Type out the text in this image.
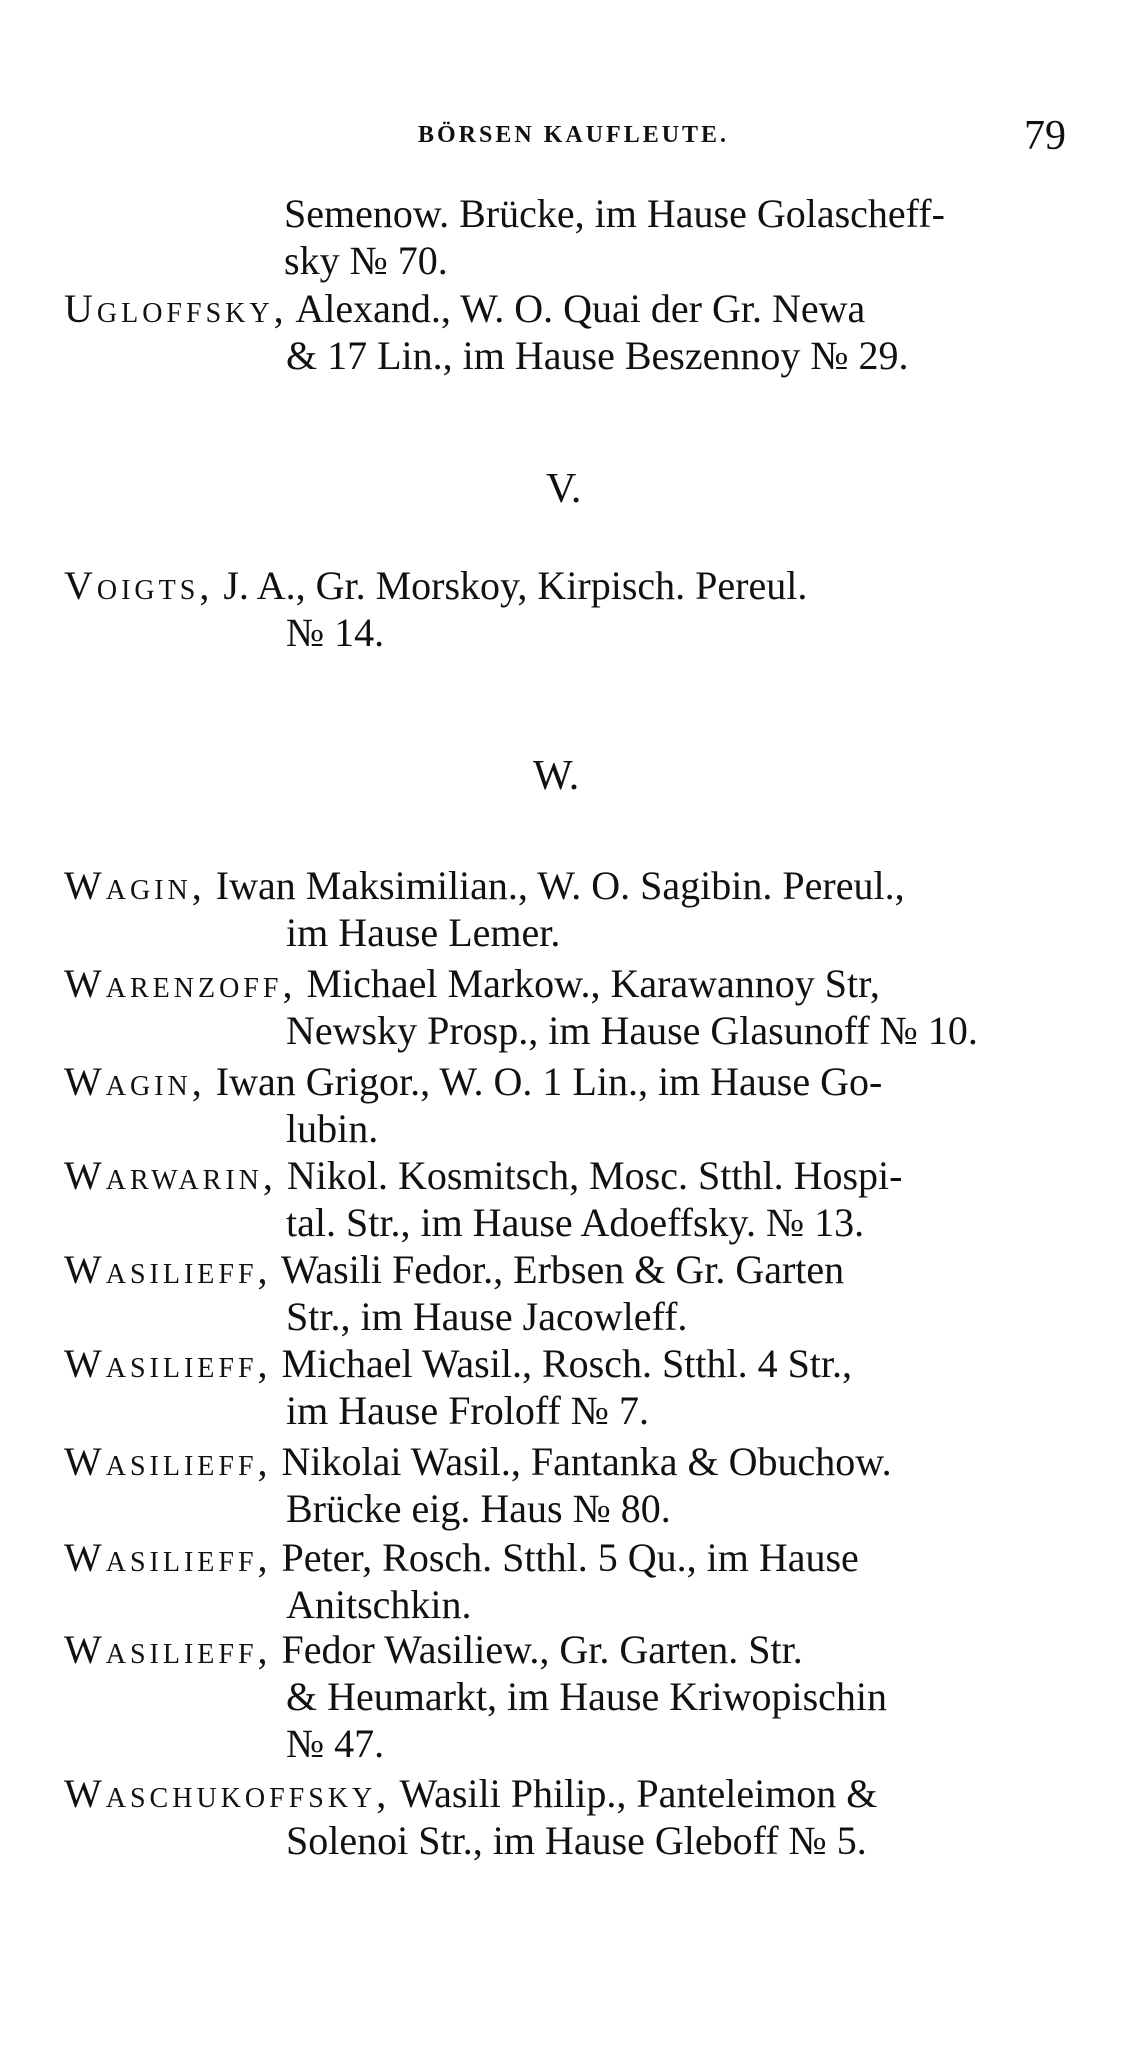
BÖRSEN KAUFLEUTE.	79
Semenow. Brücke, im Hause Golascheff-
sky № 70.
Ugloffsky, Alexand., W. O. Quai der Gr. Newa
& 17 Lin., im Hause Beszennoy № 29.
V.
Voigts, J. A., Gr. Morskoy, Kirpisch. Pereul.
№ 14.
W.
Wagin, Iwan Maksimilian., W. O. Sagibin. Pereul.,
im Hause Lemer.
Warenzoff, Michael Markow., Karawannoy Str,
Newsky Prosp., im Hause Glasunoff № 10.
Wagin, Iwan Grigor., W. O. 1 Lin., im Hause Go-
lubin.
Warwarin, Nikol. Kosmitsch, Mosc. Stthl. Hospi-
tal. Str., im Hause Adoeffsky. № 13.
Wasilieff, Wasili Fedor., Erbsen & Gr. Garten
Str., im Hause Jacowleff.
Wasilieff, Michael Wasil., Rosch. Stthl. 4 Str.,
im Hause Froloff № 7.
Wasilieff, Nikolai Wasil., Fantanka & Obuchow.
Brücke eig. Haus № 80.
Wasilieff, Peter, Rosch. Stthl. 5 Qu., im Hause
Anitschkin.
Wasilieff, Fedor Wasiliew., Gr. Garten. Str.
& Heumarkt, im Hause Kriwopischin
№ 47.
Waschukoffsky, Wasili Philip., Panteleimon &
Solenoi Str., im Hause Gleboff № 5.
